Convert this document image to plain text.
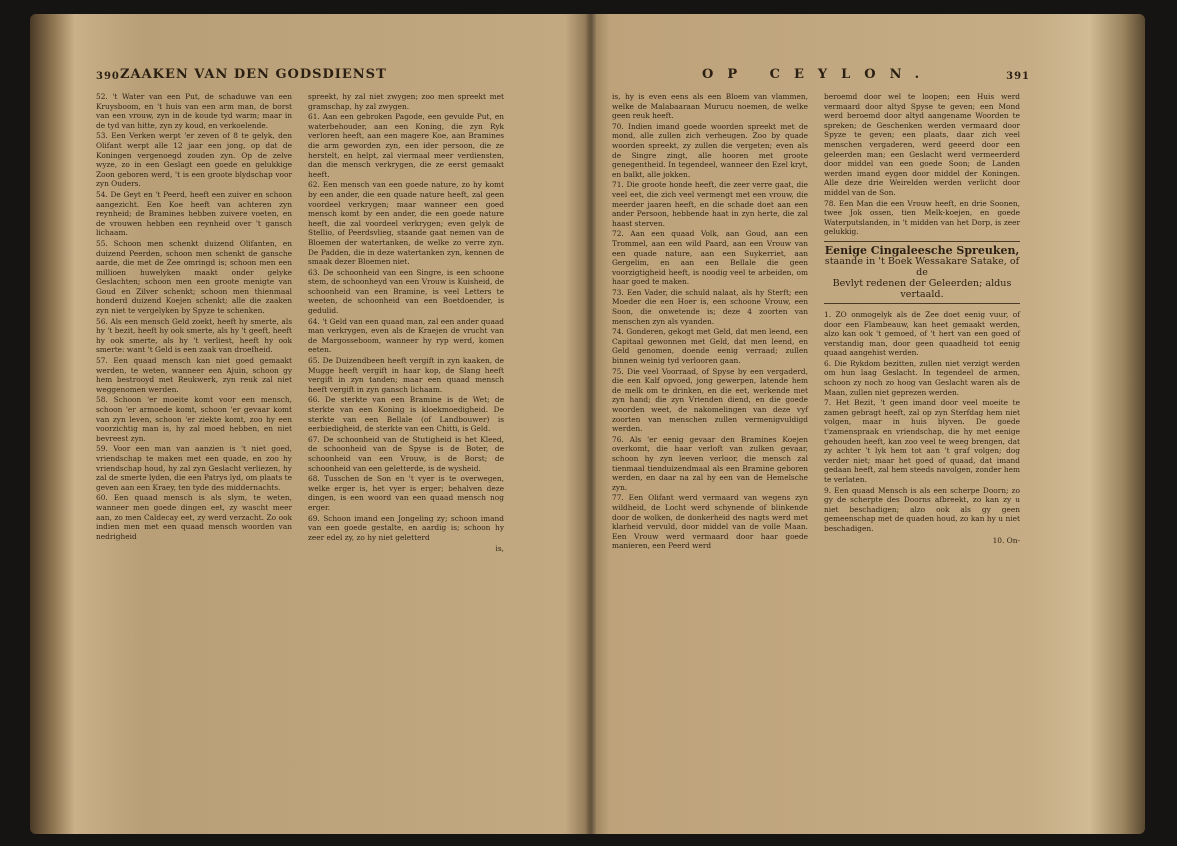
390 ZAAKEN VAN DEN GODSDIENST

52. 't Water van een Put, de schaduwe van een Kruysboom, en 't huis van een arm man, de borst van een vrouw, zyn in de koude tyd warm; maar in de tyd van hitte, zyn zy koud, en verkoelende.

53. Een Verken werpt 'er zeven of 8 te gelyk, den Olifant werpt alle 12 jaar een jong, op dat de Koningen vergenoegd zouden zyn. Op de zelve wyze, zo in een Geslagt een goede en gelukkige Zoon geboren werd, 't is een groote blydschap voor zyn Ouders.

54. De Geyt en 't Peerd, heeft een zuiver en schoon aangezicht. Een Koe heeft van achteren zyn reynheid; de Bramines hebben zuivere voeten, en de vrouwen hebben een reynheid over 't gansch lichaam.

55. Schoon men schenkt duizend Olifanten, en duizend Peerden, schoon men schenkt de gansche aarde, die met de Zee omringd is; schoon men een millioen huwelyken maakt onder gelyke Geslachten; schoon men een groote menigte van Goud en Zilver schenkt; schoon men thienmaal honderd duizend Koejen schenkt; alle die zaaken zyn niet te vergelyken by Spyze te schenken.

56. Als een mensch Geld zoekt, heeft hy smerte, als hy 't bezit, heeft hy ook smerte, als hy 't geeft, heeft hy ook smerte, als hy 't verliest, heeft hy ook smerte: want 't Geld is een zaak van droefheid.

57. Een quaad mensch kan niet goed gemaakt werden, te weten, wanneer een Ajuin, schoon gy hem bestrooyd met Reukwerk, zyn reuk zal niet weggenomen werden.

58. Schoon 'er moeite komt voor een mensch, schoon 'er armoede komt, schoon 'er gevaar komt van zyn leven, schoon 'er ziekte komt, zoo hy een voorzichtig man is, hy zal moed hebben, en niet bevreest zyn.

59. Voor een man van aanzien is 't niet goed, vriendschap te maken met een quade, en zoo hy vriendschap houd, hy zal zyn Geslacht verliezen, hy zal de smerte lyden, die een Patrys lyd, om plaats te geven aan een Kraey, ten tyde des middernachts.

60. Een quaad mensch is als slym, te weten, wanneer men goede dingen eet, zy wascht meer aan, zo men Caldecay eet, zy werd verzacht. Zo ook indien men met een quaad mensch woorden van nedrigheid

spreekt, hy zal niet zwygen; zoo men spreekt met gramschap, hy zal zwygen.

61. Aan een gebroken Pagode, een gevulde Put, en waterbehouder, aan een Koning, die zyn Ryk verloren heeft, aan een magere Koe, aan Bramines die arm geworden zyn, een ider persoon, die ze herstelt, en helpt, zal viermaal meer verdiensten, dan die mensch verkrygen, die ze eerst gemaakt heeft.

62. Een mensch van een goede nature, zo hy komt by een ander, die een quade nature heeft, zal geen voordeel verkrygen; maar wanneer een goed mensch komt by een ander, die een goede nature heeft, die zal voordeel verkrygen; even gelyk de Stellio, of Peerdsvlieg, staande gaat nemen van de Bloemen der watertanken, de welke zo verre zyn. De Padden, die in deze watertanken zyn, kennen de smaak dezer Bloemen niet.

63. De schoonheid van een Singre, is een schoone stem, de schoonheyd van een Vrouw is Kuisheid, de schoonheid van een Bramine, is veel Letters te weeten, de schoonheid van een Boetdoender, is gedulid.

64. 't Geld van een quaad man, zal een ander quaad man verkrygen, even als de Kraejen de vrucht van de Margosseboom, wanneer hy ryp werd, komen eeten.

65. De Duizendbeen heeft vergift in zyn kaaken, de Mugge heeft vergift in haar kop, de Slang heeft vergift in zyn tanden; maar een quaad mensch heeft vergift in zyn gansch lichaam.

66. De sterkte van een Bramine is de Wet; de sterkte van een Koning is kloekmoedigheid. De sterkte van een Bellale (of Landbouwer) is eerbiedigheid, de sterkte van een Chitti, is Geld.

67. De schoonheid van de Stutigheid is het Kleed, de schoonheid van de Spyse is de Boter, de schoonheid van een Vrouw, is de Borst; de schoonheid van een geletterde, is de wysheid.

68. Tusschen de Son en 't vyer is te overwegen, welke erger is, het vyer is erger; behalven deze dingen, is een woord van een quaad mensch nog erger.

69. Schoon imand een Jongeling zy; schoon imand van een goede gestalte, en aardig is; schoon hy zeer edel zy, zo hy niet geletterd

is,
OP CEYLON.	391

is, hy is even eens als een Bloem van vlammen, welke de Malabaaraan Murucu noemen, de welke geen reuk heeft.

70. Indien imand goede woorden spreekt met de mond, alle zullen zich verheugen. Zoo by quade woorden spreekt, zy zullen die vergeten; even als de Singre zingt, alle hooren met groote genegentheid. In tegendeel, wanneer den Ezel kryt, en balkt, alle jokken.

71. Die groote honde heeft, die zeer verre gaat, die veel eet, die zich veel vermengt met een vrouw, die meerder jaaren heeft, en die schade doet aan een ander Persoon, hebbende haat in zyn herte, die zal haast sterven.

72. Aan een quaad Volk, aan Goud, aan een Trommel, aan een wild Paard, aan een Vrouw van een quade nature, aan een Suykerriet, aan Gergelim, en aan een Bellale die geen voorzigtigheid heeft, is noodig veel te arbeiden, om haar goed te maken.

73. Een Vader, die schuld nalaat, als hy Sterft; een Moeder die een Hoer is, een schoone Vrouw, een Soon, die onwetende is; deze 4 zoorten van menschen zyn als vyanden.

74. Gonderen, gekogt met Geld, dat men leend, een Capitaal gewonnen met Geld, dat men leend, en Geld genomen, doende eenig verraad; zullen binnen weinig tyd verlooren gaan.

75. Die veel Voorraad, of Spyse by een vergaderd, die een Kalf opvoed, jong gewerpen, latende hem de melk om te drinken, en die eet, werkende met zyn hand; die zyn Vrienden diend, en die goede woorden weet, de nakomelingen van deze vyf zoorten van menschen zullen vermenigvuldigd werden.

76. Als 'er eenig gevaar den Bramines Koejen overkomt, die haar verloft van zulken gevaar, schoon hy zyn leeven verloor, die mensch zal tienmaal tienduizendmaal als een Bramine geboren werden, en daar na zal hy een van de Hemelsche zyn.

77. Een Olifant werd vermaard van wegens zyn wildheid, de Locht werd schynende of blinkende door de wolken, de donkerheid des nagts werd met klarheid vervuld, door middel van de volle Maan. Een Vrouw werd vermaard door haar goede manieren, een Peerd werd

beroemd door wel te loopen; een Huis werd vermaard door altyd Spyse te geven; een Mond werd beroemd door altyd aangename Woorden te spreken; de Geschenken werden vermaard door Spyze te geven; een plaats, daar zich veel menschen vergaderen, werd geeerd door een geleerden man; een Geslacht werd vermeerderd door middel van een goede Soon; de Landen werden imand eygen door middel der Koningen. Alle deze drie Weirelden werden verlicht door middel van de Son.

78. Een Man die een Vrouw heeft, en drie Soonen, twee Jok ossen, tien Melk-koejen, en goede Waterputslanden, in 't midden van het Dorp, is zeer gelukkig.

Eenige Cingaleesche Spreuken,
staande in 't Boek Wessakare Satake, of de
Bevlyt redenen der Geleerden; aldus vertaald.

1. ZO onmogelyk als de Zee doet eenig vuur, of door een Flambeauw, kan heet gemaakt werden, alzo kan ook 't gemoed, of 't hert van een goed of verstandig man, door geen quaadheid tot eenig quaad aangehist werden.

6. Die Rykdom bezitten, zullen niet verzigt werden om hun laag Geslacht. In tegendeel de armen, schoon zy noch zo hoog van Geslacht waren als de Maan, zullen niet geprezen werden.

7. Het Bezit, 't geen imand door veel moeite te zamen gebragt heeft, zal op zyn Sterfdag hem niet volgen, maar in huis blyven. De goede t'zamenspraak en vriendschap, die hy met eenige gehouden heeft, kan zoo veel te weeg brengen, dat zy achter 't lyk hem tot aan 't graf volgen; dog verder niet; maar het goed of quaad, dat imand gedaan heeft, zal hem steeds navolgen, zonder hem te verlaten.

9. Een quaad Mensch is als een scherpe Doorn; zo gy de scherpte des Doorns afbreekt, zo kan zy u niet beschadigen; alzo ook als gy geen gemeenschap met de quaden houd, zo kan hy u niet beschadigen.

10. On-
